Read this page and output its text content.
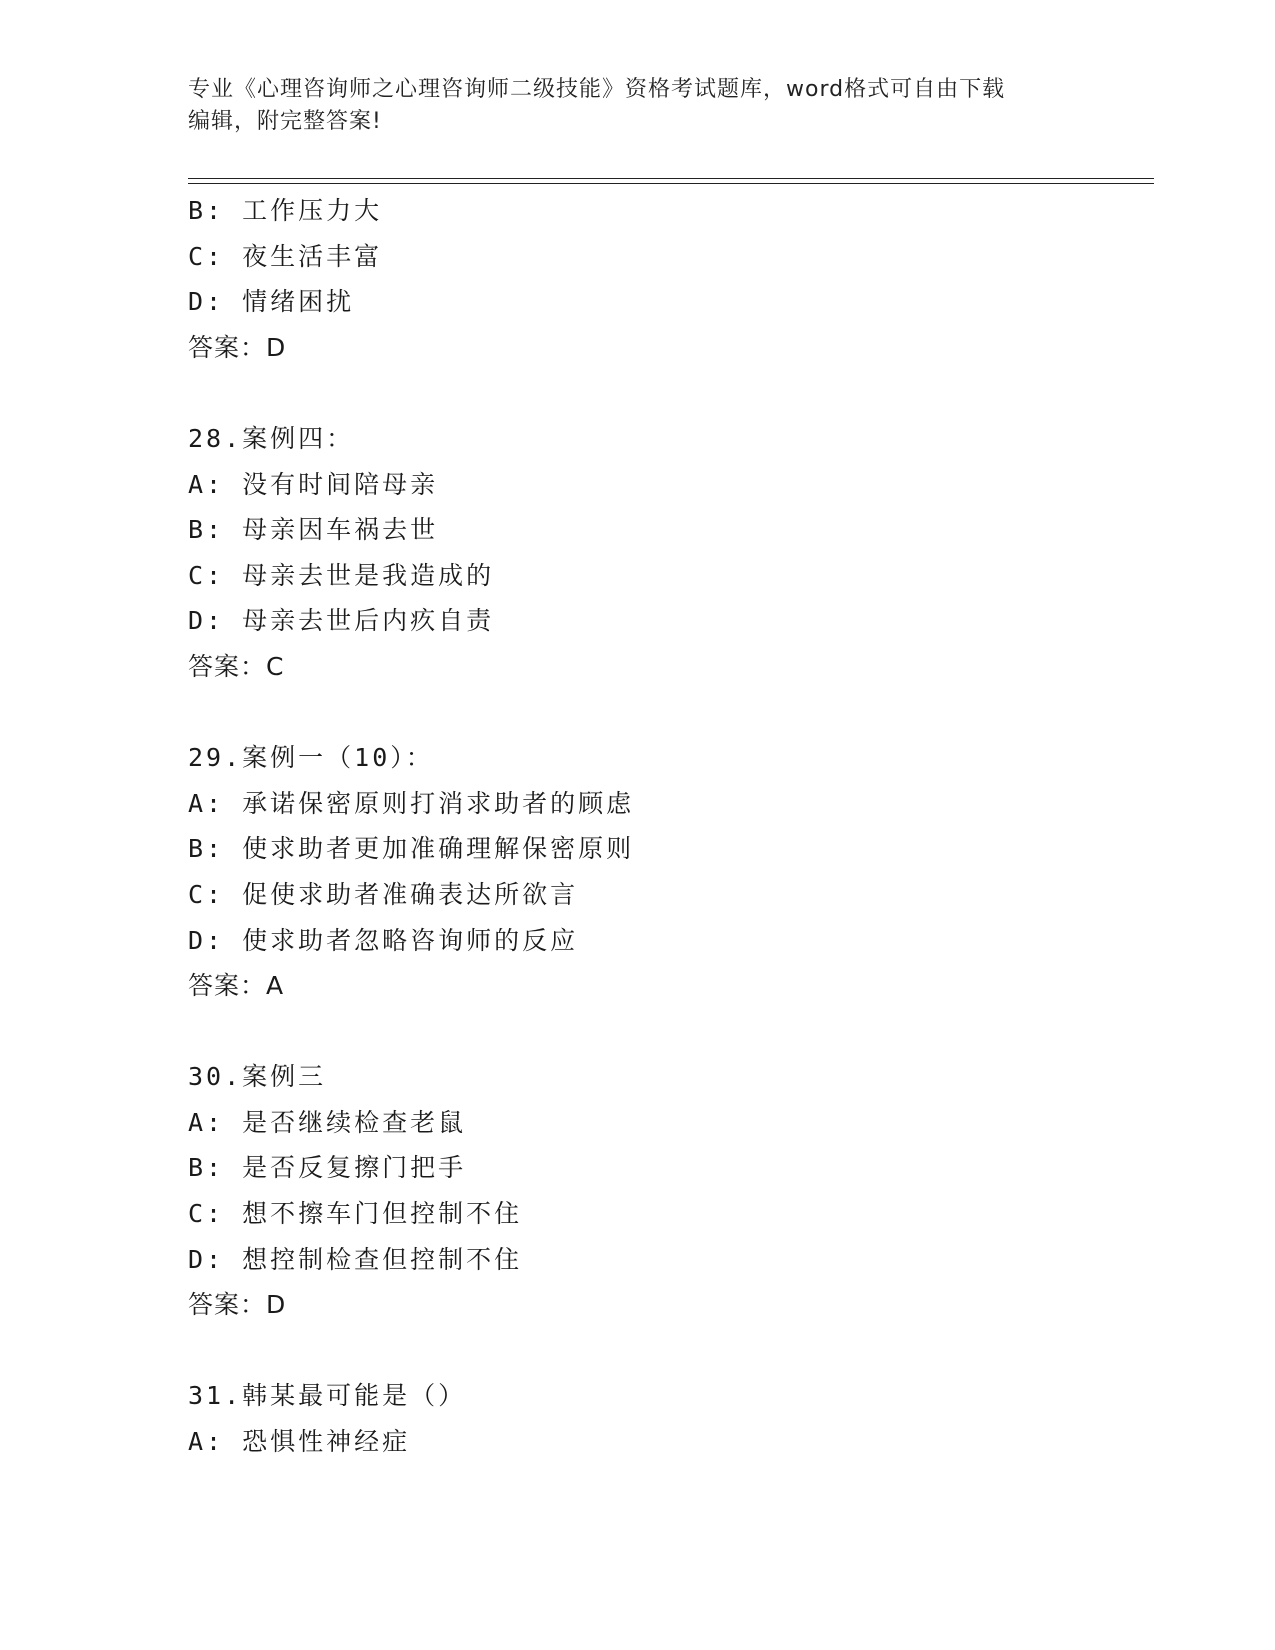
专业《心理咨询师之心理咨询师二级技能》资格考试题库，word格式可自由下载
编辑，附完整答案!
B: 工作压力大
C: 夜生活丰富
D: 情绪困扰
答案：D
28.案例四：
A: 没有时间陪母亲
B: 母亲因车祸去世
C: 母亲去世是我造成的
D: 母亲去世后内疚自责
答案：C
29.案例一（10）：
A: 承诺保密原则打消求助者的顾虑
B: 使求助者更加准确理解保密原则
C: 促使求助者准确表达所欲言
D: 使求助者忽略咨询师的反应
答案：A
30.案例三
A: 是否继续检查老鼠
B: 是否反复擦门把手
C: 想不擦车门但控制不住
D: 想控制检查但控制不住
答案：D
31.韩某最可能是（）
A: 恐惧性神经症
